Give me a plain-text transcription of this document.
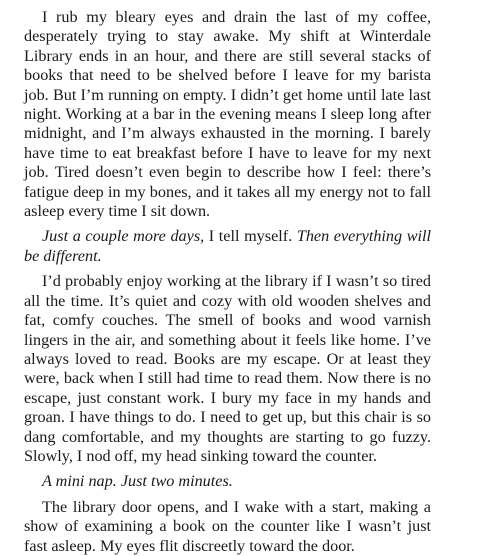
I rub my bleary eyes and drain the last of my coffee, desperately trying to stay awake. My shift at Winterdale Library ends in an hour, and there are still several stacks of books that need to be shelved before I leave for my barista job. But I’m running on empty. I didn’t get home until late last night. Working at a bar in the evening means I sleep long after midnight, and I’m always exhausted in the morning. I barely have time to eat breakfast before I have to leave for my next job. Tired doesn’t even begin to describe how I feel: there’s fatigue deep in my bones, and it takes all my energy not to fall asleep every time I sit down.

Just a couple more days, I tell myself. Then everything will be different.

I’d probably enjoy working at the library if I wasn’t so tired all the time. It’s quiet and cozy with old wooden shelves and fat, comfy couches. The smell of books and wood varnish lingers in the air, and something about it feels like home. I’ve always loved to read. Books are my escape. Or at least they were, back when I still had time to read them. Now there is no escape, just constant work. I bury my face in my hands and groan. I have things to do. I need to get up, but this chair is so dang comfortable, and my thoughts are starting to go fuzzy. Slowly, I nod off, my head sinking toward the counter.

A mini nap. Just two minutes.

The library door opens, and I wake with a start, making a show of examining a book on the counter like I wasn’t just fast asleep. My eyes flit discreetly toward the door.
